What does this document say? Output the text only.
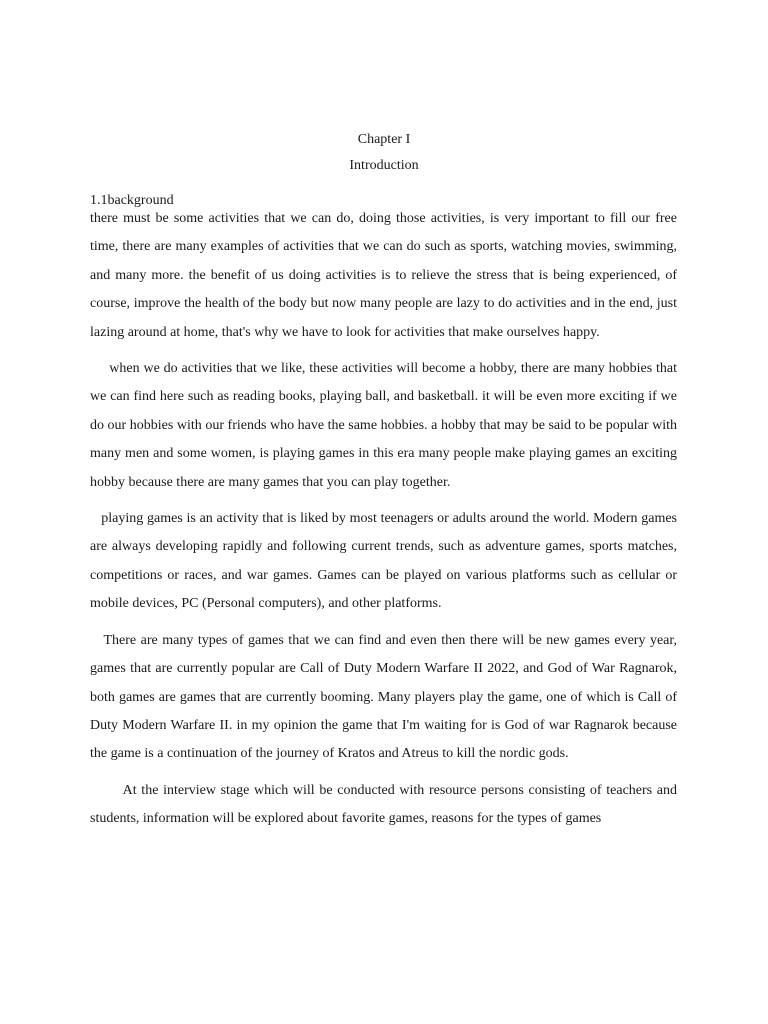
Chapter I
Introduction
1.1background

there must be some activities that we can do, doing those activities, is very important to fill our free time, there are many examples of activities that we can do such as sports, watching movies, swimming, and many more. the benefit of us doing activities is to relieve the stress that is being experienced, of course, improve the health of the body but now many people are lazy to do activities and in the end, just lazing around at home, that's why we have to look for activities that make ourselves happy.

when we do activities that we like, these activities will become a hobby, there are many hobbies that we can find here such as reading books, playing ball, and basketball. it will be even more exciting if we do our hobbies with our friends who have the same hobbies. a hobby that may be said to be popular with many men and some women, is playing games in this era many people make playing games an exciting hobby because there are many games that you can play together.

playing games is an activity that is liked by most teenagers or adults around the world. Modern games are always developing rapidly and following current trends, such as adventure games, sports matches, competitions or races, and war games. Games can be played on various platforms such as cellular or mobile devices, PC (Personal computers), and other platforms.

There are many types of games that we can find and even then there will be new games every year, games that are currently popular are Call of Duty Modern Warfare II 2022, and God of War Ragnarok, both games are games that are currently booming. Many players play the game, one of which is Call of Duty Modern Warfare II. in my opinion the game that I'm waiting for is God of war Ragnarok because the game is a continuation of the journey of Kratos and Atreus to kill the nordic gods.

At the interview stage which will be conducted with resource persons consisting of teachers and students, information will be explored about favorite games, reasons for the types of games
